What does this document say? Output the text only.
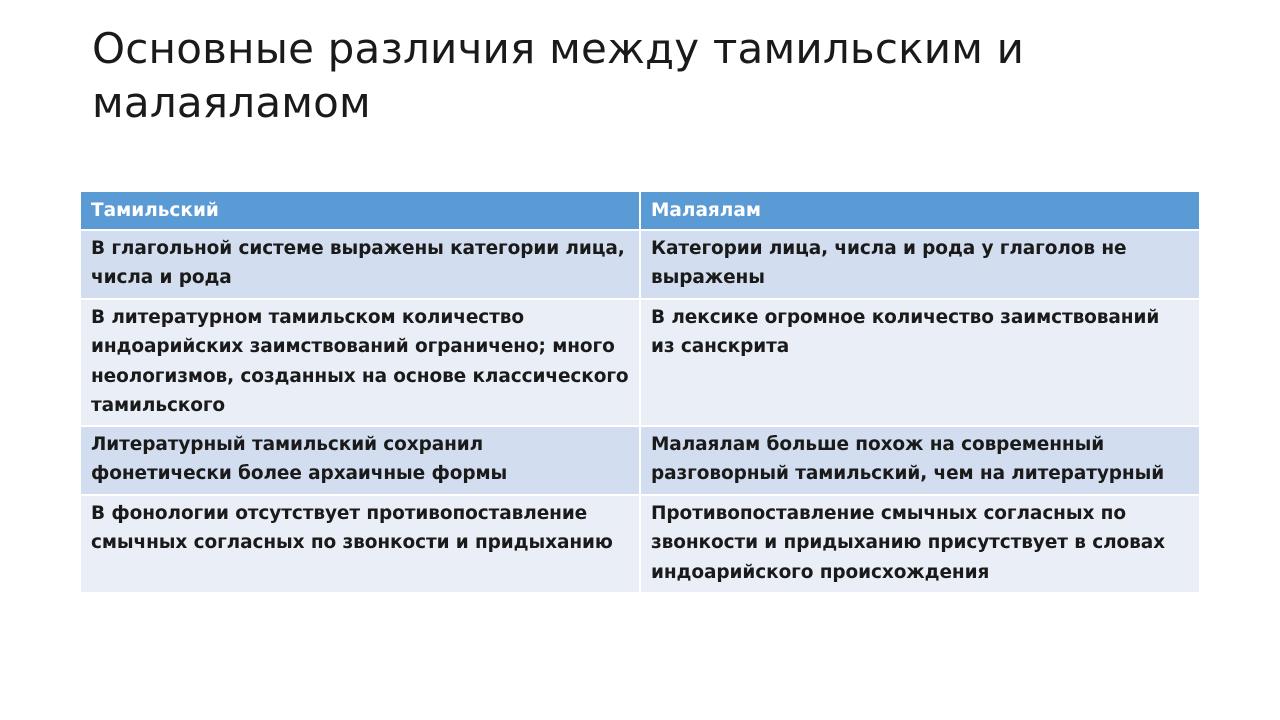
Основные различия между тамильским и малаяламом
Тамильский	Малаялам
В глагольной системе выражены категории лица, числа и рода	Категории лица, числа и рода у глаголов не выражены
В литературном тамильском количество индоарийских заимствований ограничено; много неологизмов, созданных на основе классического тамильского	В лексике огромное количество заимствований из санскрита
Литературный тамильский сохранил фонетически более архаичные формы	Малаялам больше похож на современный разговорный тамильский, чем на литературный
В фонологии отсутствует противопоставление смычных согласных по звонкости и придыханию	Противопоставление смычных согласных по звонкости и придыханию присутствует в словах индоарийского происхождения
